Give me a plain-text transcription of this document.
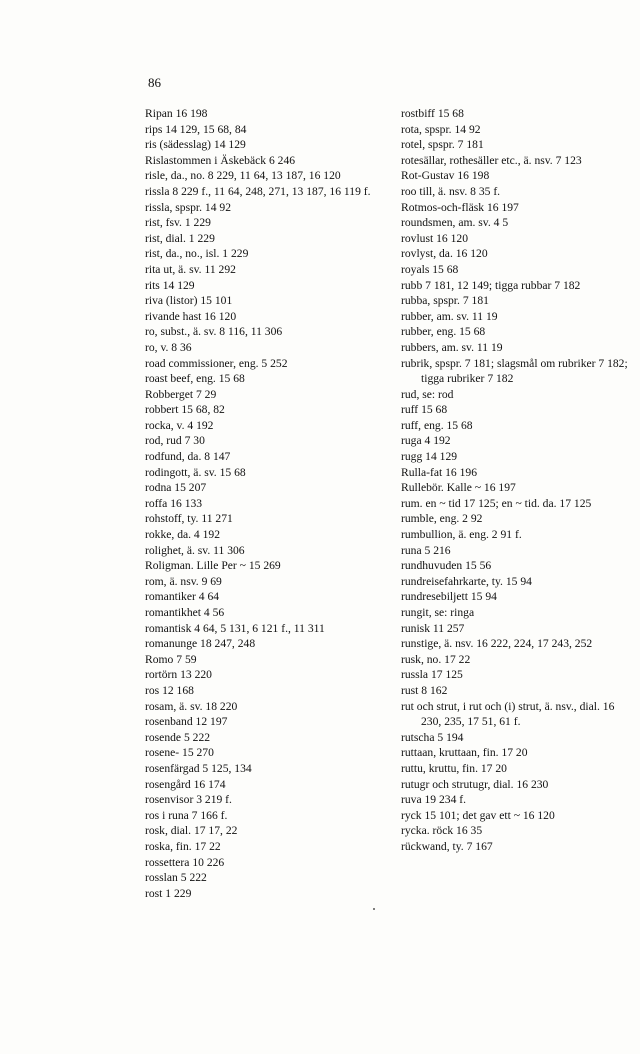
86
Ripan 16 198
rips 14 129, 15 68, 84
ris (sädesslag) 14 129
Rislastommen i Äskebäck 6 246
risle, da., no. 8 229, 11 64, 13 187, 16 120
rissla 8 229 f., 11 64, 248, 271, 13 187, 16 119 f.
rissla, spspr. 14 92
rist, fsv. 1 229
rist, dial. 1 229
rist, da., no., isl. 1 229
rita ut, ä. sv. 11 292
rits 14 129
riva (listor) 15 101
rivande hast 16 120
ro, subst., ä. sv. 8 116, 11 306
ro, v. 8 36
road commissioner, eng. 5 252
roast beef, eng. 15 68
Robberget 7 29
robbert 15 68, 82
rocka, v. 4 192
rod, rud 7 30
rodfund, da. 8 147
rodingott, ä. sv. 15 68
rodna 15 207
roffa 16 133
rohstoff, ty. 11 271
rokke, da. 4 192
rolighet, ä. sv. 11 306
Roligman. Lille Per ~ 15 269
rom, ä. nsv. 9 69
romantiker 4 64
romantikhet 4 56
romantisk 4 64, 5 131, 6 121 f., 11 311
romanunge 18 247, 248
Romo 7 59
rortörn 13 220
ros 12 168
rosam, ä. sv. 18 220
rosenband 12 197
rosende 5 222
rosene- 15 270
rosenfärgad 5 125, 134
rosengård 16 174
rosenvisor 3 219 f.
ros i runa 7 166 f.
rosk, dial. 17 17, 22
roska, fin. 17 22
rossettera 10 226
rosslan 5 222
rost 1 229
rostbiff 15 68
rota, spspr. 14 92
rotel, spspr. 7 181
rotesällar, rothesäller etc., ä. nsv. 7 123
Rot-Gustav 16 198
roo till, ä. nsv. 8 35 f.
Rotmos-och-fläsk 16 197
roundsmen, am. sv. 4 5
rovlust 16 120
rovlyst, da. 16 120
royals 15 68
rubb 7 181, 12 149; tigga rubbar 7 182
rubba, spspr. 7 181
rubber, am. sv. 11 19
rubber, eng. 15 68
rubbers, am. sv. 11 19
rubrik, spspr. 7 181; slagsmål om rubriker 7 182; tigga rubriker 7 182
rud, se: rod
ruff 15 68
ruff, eng. 15 68
ruga 4 192
rugg 14 129
Rulla-fat 16 196
Rullebör. Kalle ~ 16 197
rum. en ~ tid 17 125; en ~ tid. da. 17 125
rumble, eng. 2 92
rumbullion, ä. eng. 2 91 f.
runa 5 216
rundhuvuden 15 56
rundreisefahrkarte, ty. 15 94
rundresebiljett 15 94
rungit, se: ringa
runisk 11 257
runstige, ä. nsv. 16 222, 224, 17 243, 252
rusk, no. 17 22
russla 17 125
rust 8 162
rut och strut, i rut och (i) strut, ä. nsv., dial. 16 230, 235, 17 51, 61 f.
rutscha 5 194
ruttaan, kruttaan, fin. 17 20
ruttu, kruttu, fin. 17 20
rutugr och strutugr, dial. 16 230
ruva 19 234 f.
ryck 15 101; det gav ett ~ 16 120
rycka. röck 16 35
rückwand, ty. 7 167
